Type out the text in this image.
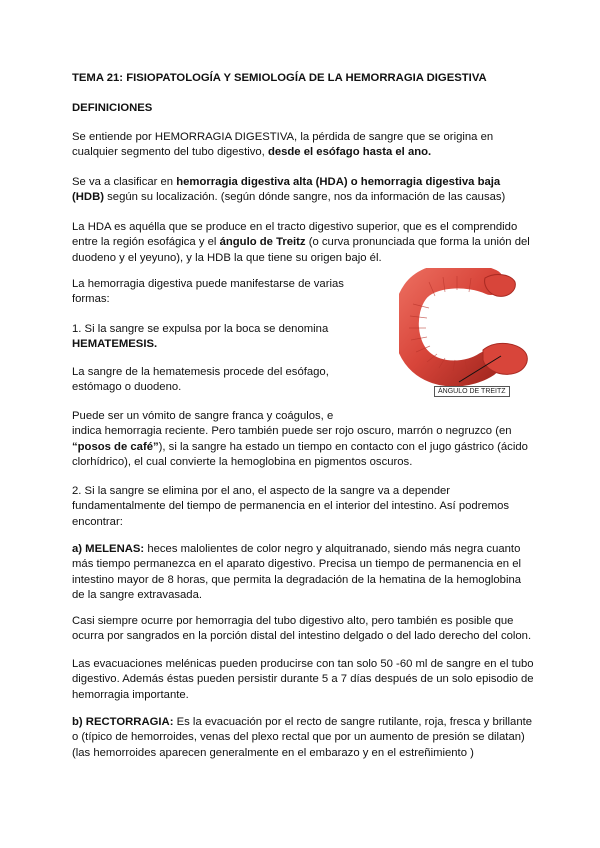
TEMA 21: FISIOPATOLOGÍA Y SEMIOLOGÍA DE LA HEMORRAGIA DIGESTIVA

DEFINICIONES

Se entiende por HEMORRAGIA DIGESTIVA, la pérdida de sangre que se origina en cualquier segmento del tubo digestivo, desde el esófago hasta el ano.

Se va a clasificar en hemorragia digestiva alta (HDA) o hemorragia digestiva baja (HDB) según su localización. (según dónde sangre, nos da información de las causas)

La HDA es aquélla que se produce en el tracto digestivo superior, que es el comprendido entre la región esofágica y el ángulo de Treitz (o curva pronunciada que forma la unión del duodeno y el yeyuno), y la HDB la que tiene su origen bajo él.

La hemorragia digestiva puede manifestarse de varias formas:

1. Si la sangre se expulsa por la boca se denomina
HEMATEMESIS.

La sangre de la hematemesis procede del esófago, estómago o duodeno.

Puede ser un vómito de sangre franca y coágulos, e
indica hemorragia reciente. Pero también puede ser rojo oscuro, marrón o negruzco (en
“posos de café”), si la sangre ha estado un tiempo en contacto con el jugo gástrico (ácido clorhídrico), el cual convierte la hemoglobina en pigmentos oscuros.

2. Si la sangre se elimina por el ano, el aspecto de la sangre va a depender fundamentalmente del tiempo de permanencia en el interior del intestino. Así podremos encontrar:

a) MELENAS: heces malolientes de color negro y alquitranado, siendo más negra cuanto más tiempo permanezca en el aparato digestivo. Precisa un tiempo de permanencia en el intestino mayor de 8 horas, que permita la degradación de la hematina de la hemoglobina de la sangre extravasada.

Casi siempre ocurre por hemorragia del tubo digestivo alto, pero también es posible que ocurra por sangrados en la porción distal del intestino delgado o del lado derecho del colon.

Las evacuaciones melénicas pueden producirse con tan solo 50 -60 ml de sangre en el tubo digestivo. Además éstas pueden persistir durante 5 a 7 días después de un solo episodio de hemorragia importante.

b) RECTORRAGIA: Es la evacuación por el recto de sangre rutilante, roja, fresca y brillante o (típico de hemorroides, venas del plexo rectal que por un aumento de presión se dilatan) (las hemorroides aparecen generalmente en el embarazo y en el estreñimiento )

ÁNGULO DE TREITZ
